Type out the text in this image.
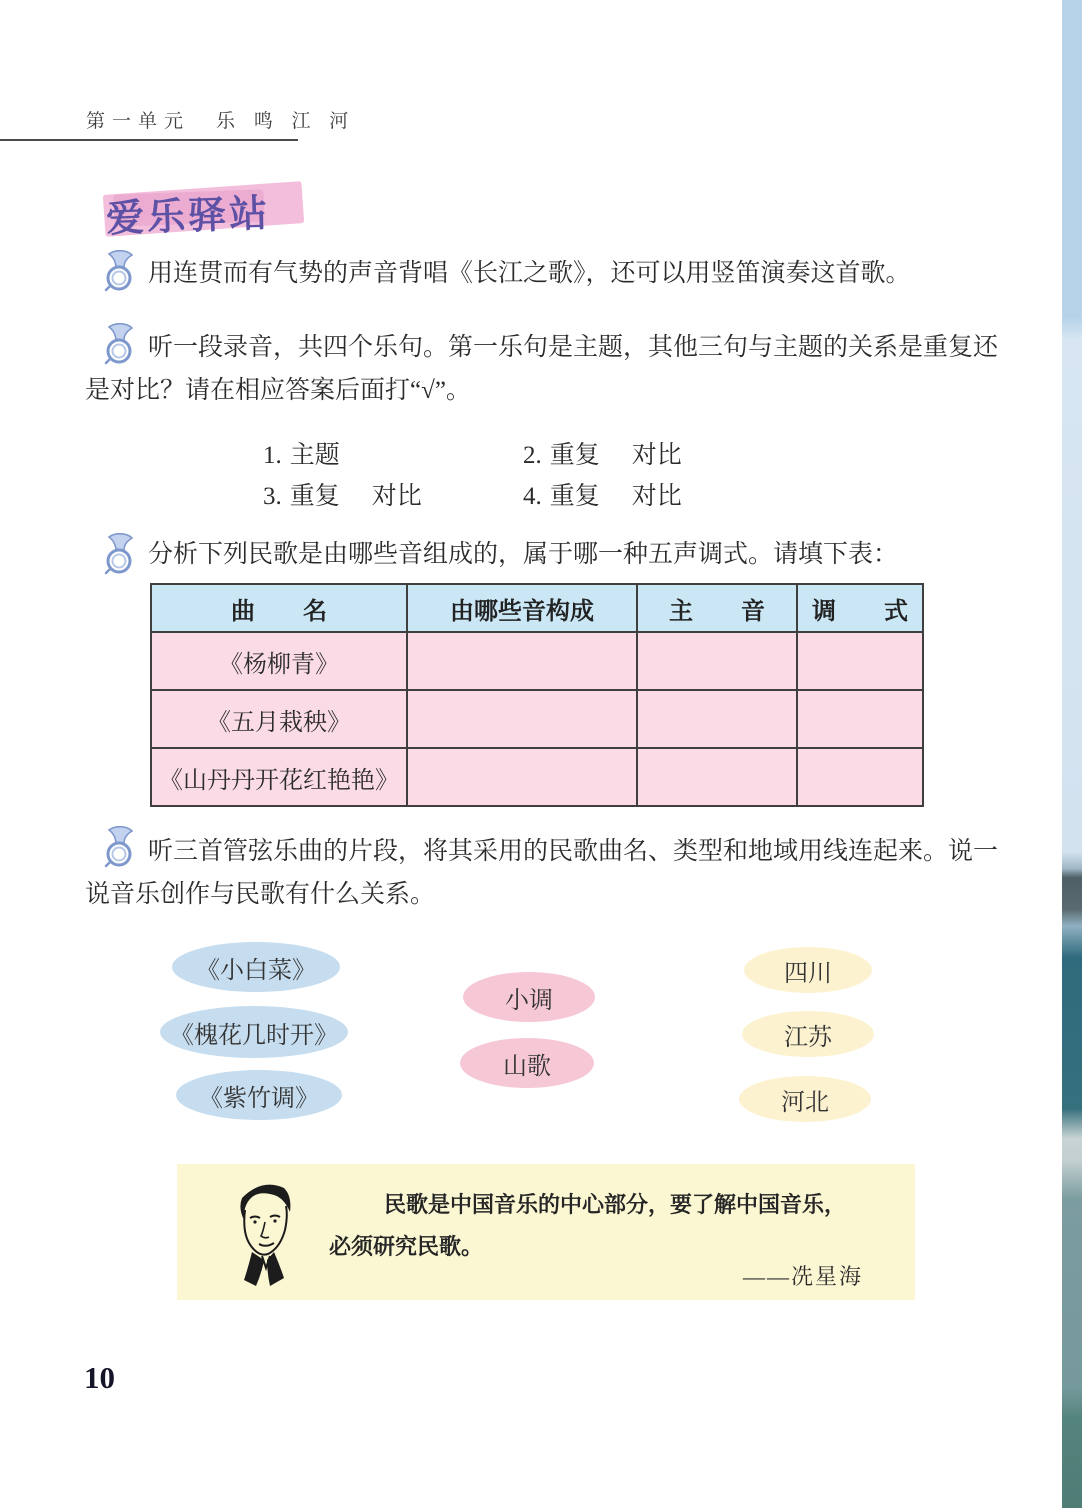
第一单元　乐 鸣 江 河
爱乐驿站
用连贯而有气势的声音背唱《长江之歌》，还可以用竖笛演奏这首歌。
听一段录音，共四个乐句。第一乐句是主题，其他三句与主题的关系是重复还是对比？请在相应答案后面打“√”。
分析下列民歌是由哪些音组成的，属于哪一种五声调式。请填下表：
听三首管弦乐曲的片段，将其采用的民歌曲名、类型和地域用线连起来。说一说音乐创作与民歌有什么关系。
1. 主题	2. 重复 对比
3. 重复 对比	4. 重复 对比
曲　　名	由哪些音构成	主　　音	调　　式
《杨柳青》			
《五月栽秧》			
《山丹丹开花红艳艳》			
《小白菜》
《槐花几时开》
《紫竹调》
小调
山歌
四川
江苏
河北
民歌是中国音乐的中心部分，要了解中国音乐，
必须研究民歌。
——冼星海
10
